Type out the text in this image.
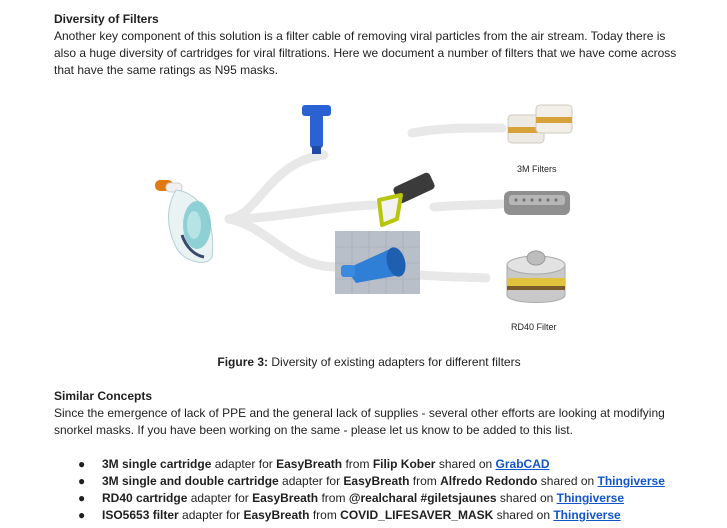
Diversity of Filters

Another key component of this solution is a filter cable of removing viral particles from the air stream. Today there is also a huge diversity of cartridges for viral filtrations. Here we document a number of filters that we have come across that have the same ratings as N95 masks.

3M Filters
RD40 Filter

Figure 3: Diversity of existing adapters for different filters

Similar Concepts

Since the emergence of lack of PPE and the general lack of supplies - several other efforts are looking at modifying snorkel masks. If you have been working on the same - please let us know to be added to this list.

● 3M single cartridge adapter for EasyBreath from Filip Kober shared on GrabCAD
● 3M single and double cartridge adapter for EasyBreath from Alfredo Redondo shared on Thingiverse
● RD40 cartridge adapter for EasyBreath from @realcharal #giletsjaunes shared on Thingiverse
● ISO5653 filter adapter for EasyBreath from COVID_LIFESAVER_MASK shared on Thingiverse
